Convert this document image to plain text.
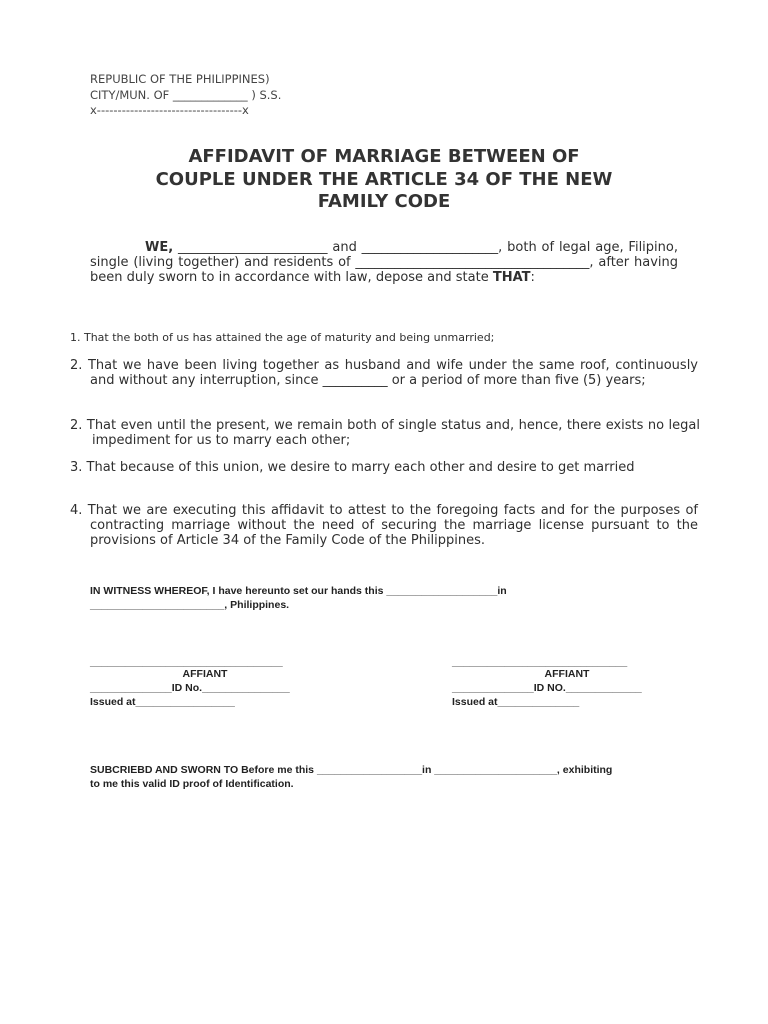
REPUBLIC OF THE PHILIPPINES)
CITY/MUN. OF _____________ ) S.S.
x-----------------------------------x
AFFIDAVIT OF MARRIAGE BETWEEN OF
COUPLE UNDER THE ARTICLE 34 OF THE NEW
FAMILY CODE
WE, _______________________ and _____________________, both of legal age, Filipino, single (living together) and residents of ____________________________________, after having been duly sworn to in accordance with law, depose and state THAT:
1. That the both of us has attained the age of maturity and being unmarried;
2. That we have been living together as husband and wife under the same roof, continuously and without any interruption, since __________ or a period of more than five (5) years;
2. That even until the present, we remain both of single status and, hence, there exists no legal impediment for us to marry each other;
3. That because of this union, we desire to marry each other and desire to get married
4. That we are executing this affidavit to attest to the foregoing facts and for the purposes of contracting marriage without the need of securing the marriage license pursuant to the provisions of Article 34 of the Family Code of the Philippines.
IN WITNESS WHEREOF, I have hereunto set our hands this ___________________in
_______________________, Philippines.
_________________________________
AFFIANT
______________ID No._______________
Issued at_________________
______________________________
AFFIANT
______________ID NO._____________
Issued at______________
SUBCRIEBD AND SWORN TO Before me this __________________in _____________________, exhibiting
to me this valid ID proof of Identification.
